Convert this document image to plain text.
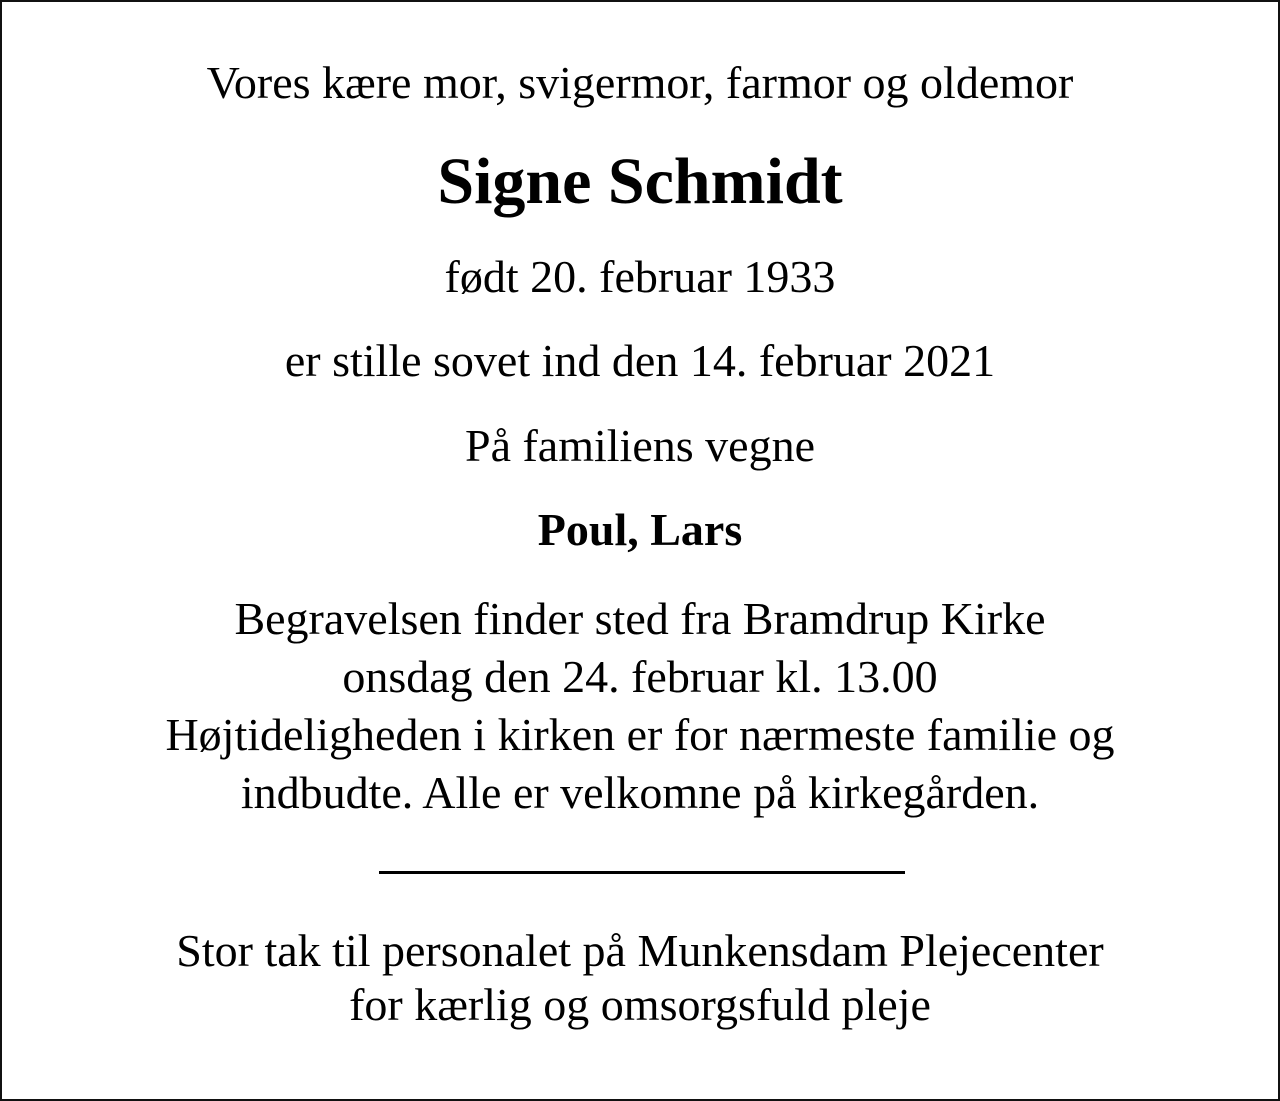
Vores kære mor, svigermor, farmor og oldemor
Signe Schmidt
født 20. februar 1933
er stille sovet ind den 14. februar 2021
På familiens vegne
Poul, Lars
Begravelsen finder sted fra Bramdrup Kirke
onsdag den 24. februar kl. 13.00
Højtideligheden i kirken er for nærmeste familie og
indbudte. Alle er velkomne på kirkegården.
Stor tak til personalet på Munkensdam Plejecenter
for kærlig og omsorgsfuld pleje
